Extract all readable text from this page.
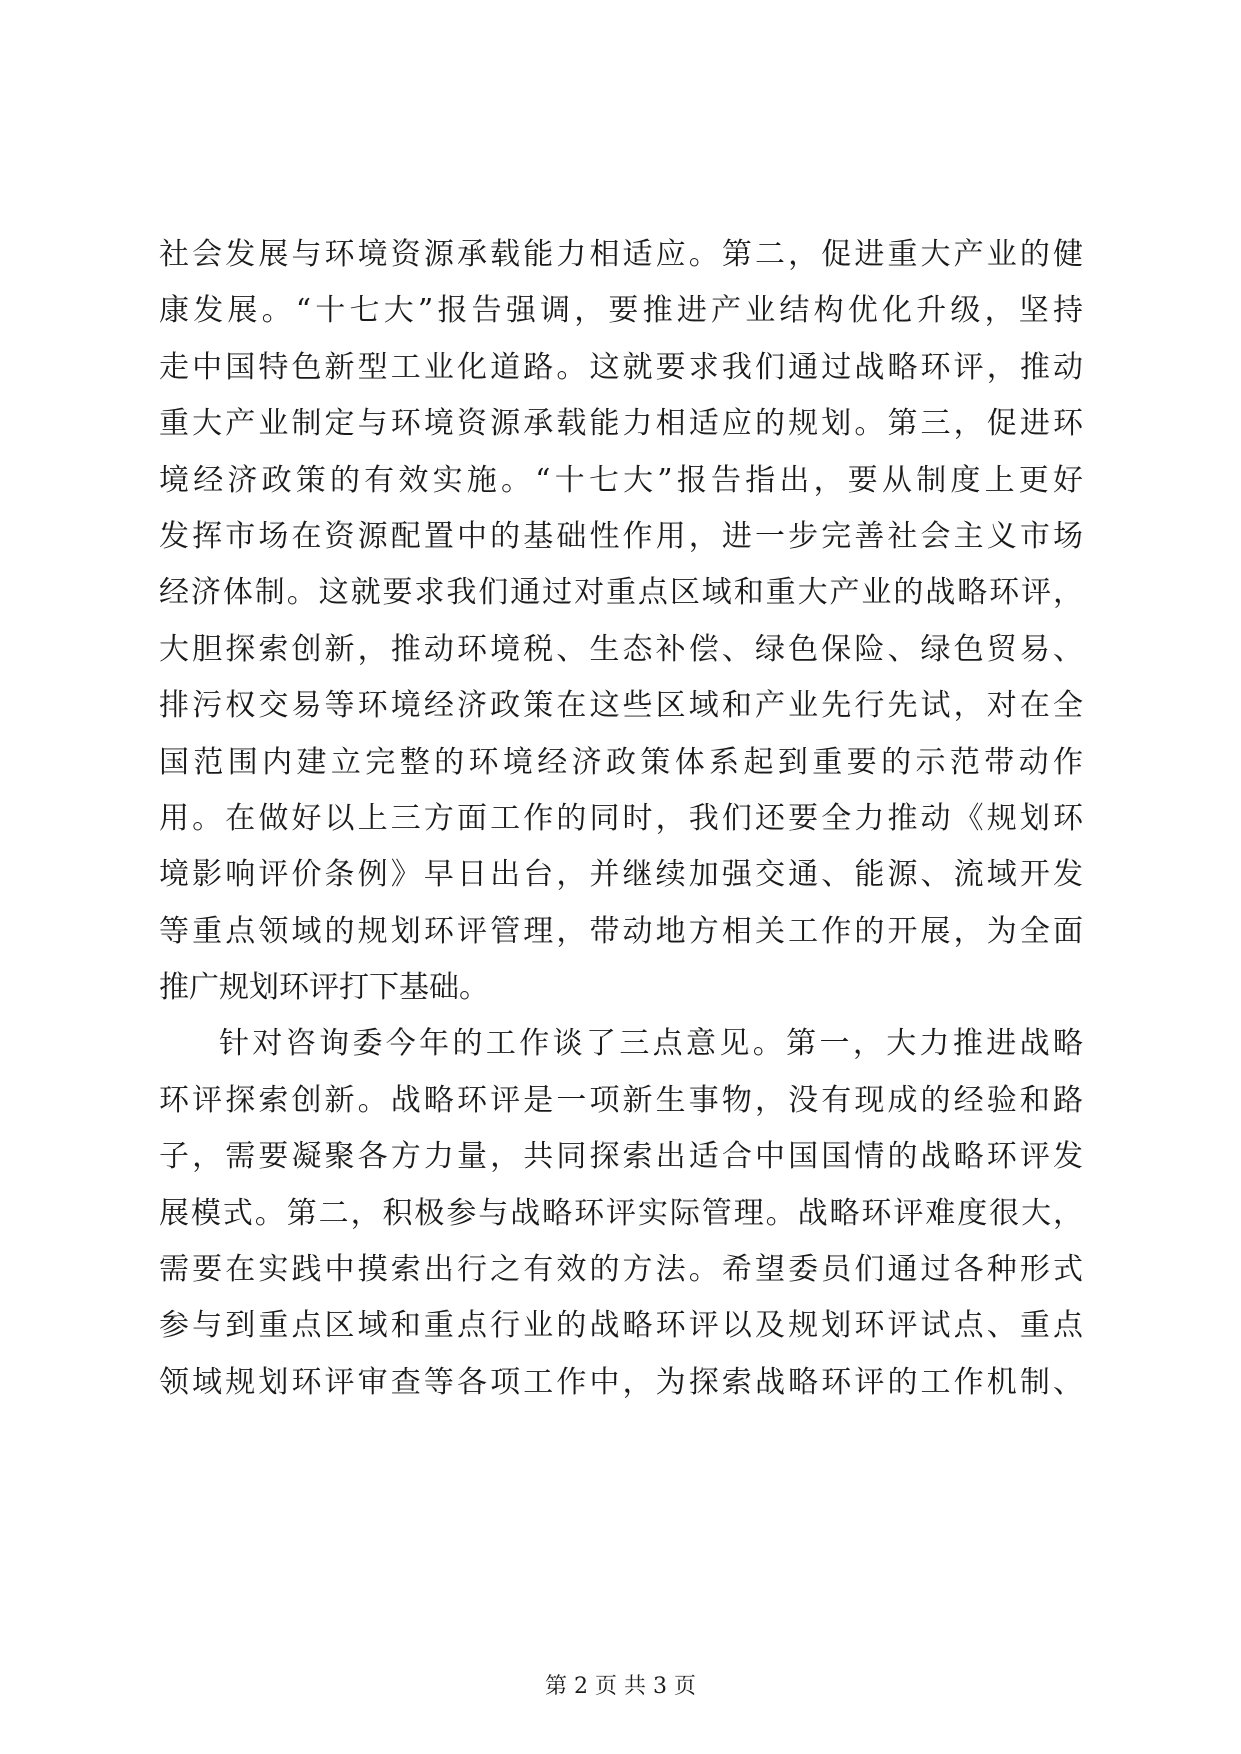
社会发展与环境资源承载能力相适应。第二，促进重大产业的健
康发展。“十七大”报告强调，要推进产业结构优化升级，坚持
走中国特色新型工业化道路。这就要求我们通过战略环评，推动
重大产业制定与环境资源承载能力相适应的规划。第三，促进环
境经济政策的有效实施。“十七大”报告指出，要从制度上更好
发挥市场在资源配置中的基础性作用，进一步完善社会主义市场
经济体制。这就要求我们通过对重点区域和重大产业的战略环评，
大胆探索创新，推动环境税、生态补偿、绿色保险、绿色贸易、
排污权交易等环境经济政策在这些区域和产业先行先试，对在全
国范围内建立完整的环境经济政策体系起到重要的示范带动作
用。在做好以上三方面工作的同时，我们还要全力推动《规划环
境影响评价条例》早日出台，并继续加强交通、能源、流域开发
等重点领域的规划环评管理，带动地方相关工作的开展，为全面
推广规划环评打下基础。
针对咨询委今年的工作谈了三点意见。第一，大力推进战略
环评探索创新。战略环评是一项新生事物，没有现成的经验和路
子，需要凝聚各方力量，共同探索出适合中国国情的战略环评发
展模式。第二，积极参与战略环评实际管理。战略环评难度很大，
需要在实践中摸索出行之有效的方法。希望委员们通过各种形式
参与到重点区域和重点行业的战略环评以及规划环评试点、重点
领域规划环评审查等各项工作中，为探索战略环评的工作机制、
第 2 页 共 3 页
